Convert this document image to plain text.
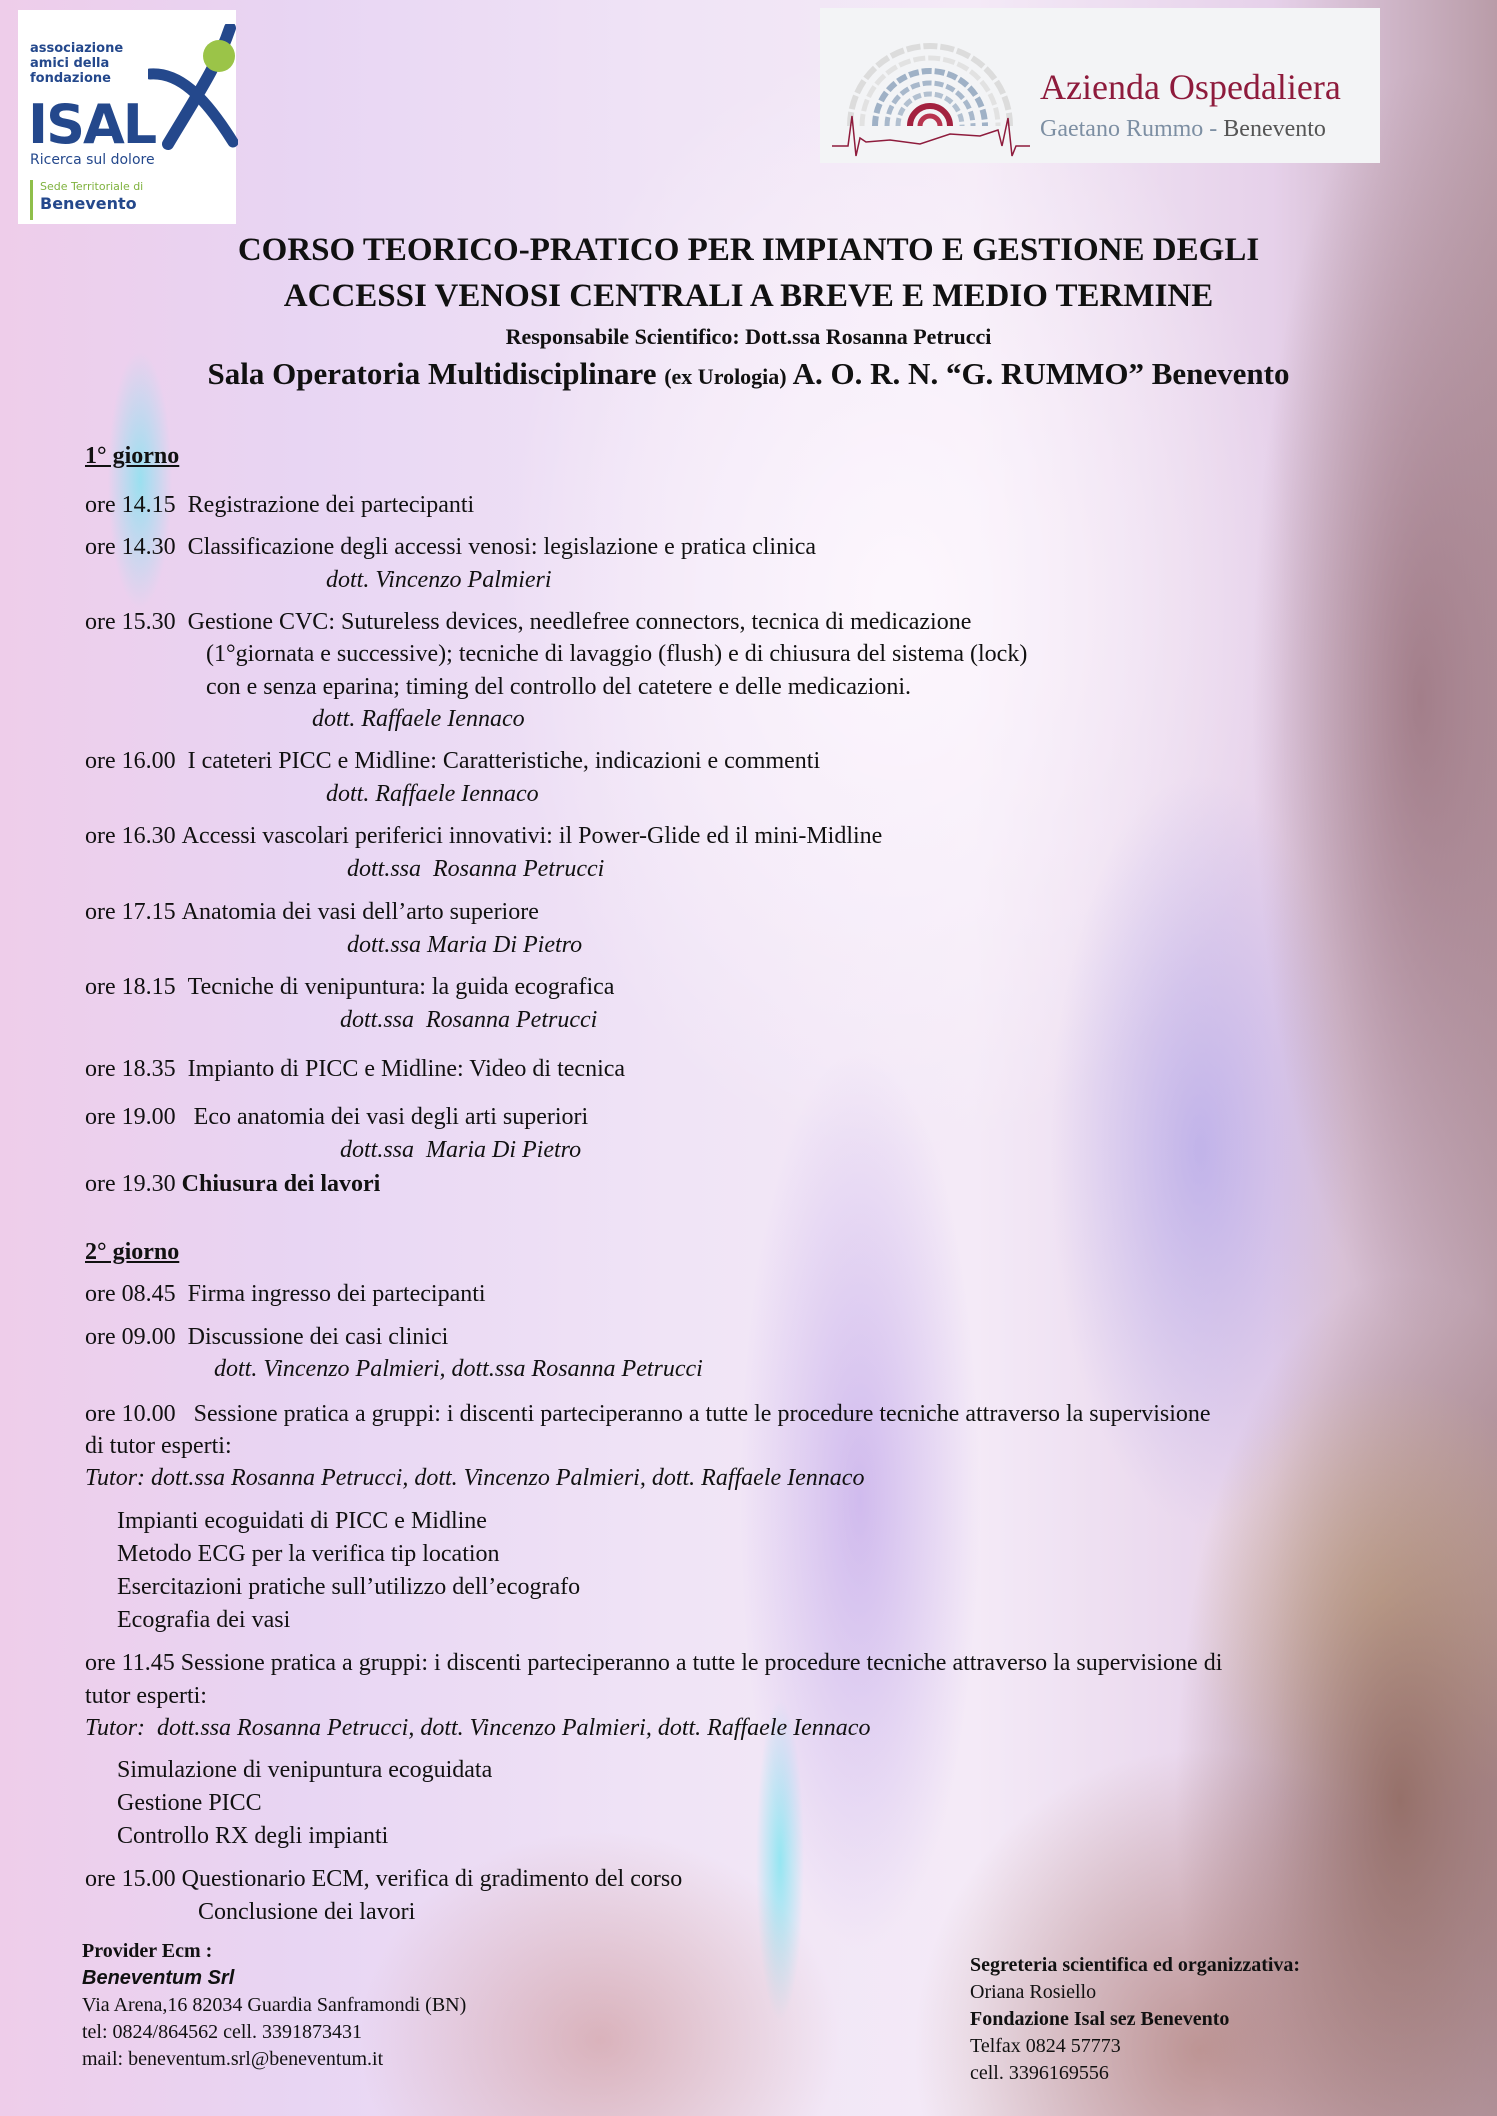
associazione
amici della
fondazione
ISAL
Ricerca sul dolore
Sede Territoriale di
Benevento
Azienda Ospedaliera
Gaetano Rummo - Benevento
CORSO TEORICO-PRATICO PER IMPIANTO E GESTIONE DEGLI
ACCESSI VENOSI CENTRALI A BREVE E MEDIO TERMINE
Responsabile Scientifico: Dott.ssa Rosanna Petrucci
Sala Operatoria Multidisciplinare (ex Urologia) A. O. R. N. “G. RUMMO” Benevento
1° giorno
ore 14.15 Registrazione dei partecipanti
ore 14.30 Classificazione degli accessi venosi: legislazione e pratica clinica
dott. Vincenzo Palmieri
ore 15.30 Gestione CVC: Sutureless devices, needlefree connectors, tecnica di medicazione
(1°giornata e successive); tecniche di lavaggio (flush) e di chiusura del sistema (lock)
con e senza eparina; timing del controllo del catetere e delle medicazioni.
dott. Raffaele Iennaco
ore 16.00 I cateteri PICC e Midline: Caratteristiche, indicazioni e commenti
dott. Raffaele Iennaco
ore 16.30 Accessi vascolari periferici innovativi: il Power-Glide ed il mini-Midline
dott.ssa  Rosanna Petrucci
ore 17.15 Anatomia dei vasi dell’arto superiore
dott.ssa Maria Di Pietro
ore 18.15 Tecniche di venipuntura: la guida ecografica
dott.ssa  Rosanna Petrucci
ore 18.35 Impianto di PICC e Midline: Video di tecnica
ore 19.00 Eco anatomia dei vasi degli arti superiori
dott.ssa  Maria Di Pietro
ore 19.30 Chiusura dei lavori
2° giorno
ore 08.45 Firma ingresso dei partecipanti
ore 09.00 Discussione dei casi clinici
dott. Vincenzo Palmieri, dott.ssa Rosanna Petrucci
ore 10.00 Sessione pratica a gruppi: i discenti parteciperanno a tutte le procedure tecniche attraverso la supervisione
di tutor esperti:
Tutor: dott.ssa Rosanna Petrucci, dott. Vincenzo Palmieri, dott. Raffaele Iennaco
Impianti ecoguidati di PICC e Midline
Metodo ECG per la verifica tip location
Esercitazioni pratiche sull’utilizzo dell’ecografo
Ecografia dei vasi
ore 11.45 Sessione pratica a gruppi: i discenti parteciperanno a tutte le procedure tecniche attraverso la supervisione di
tutor esperti:
Tutor:  dott.ssa Rosanna Petrucci, dott. Vincenzo Palmieri, dott. Raffaele Iennaco
Simulazione di venipuntura ecoguidata
Gestione PICC
Controllo RX degli impianti
ore 15.00 Questionario ECM, verifica di gradimento del corso
Conclusione dei lavori
Provider Ecm :
Beneventum Srl
Via Arena,16 82034 Guardia Sanframondi (BN)
tel: 0824/864562 cell. 3391873431
mail: beneventum.srl@beneventum.it
Segreteria scientifica ed organizzativa:
Oriana Rosiello
Fondazione Isal sez Benevento
Telfax 0824 57773
cell. 3396169556
